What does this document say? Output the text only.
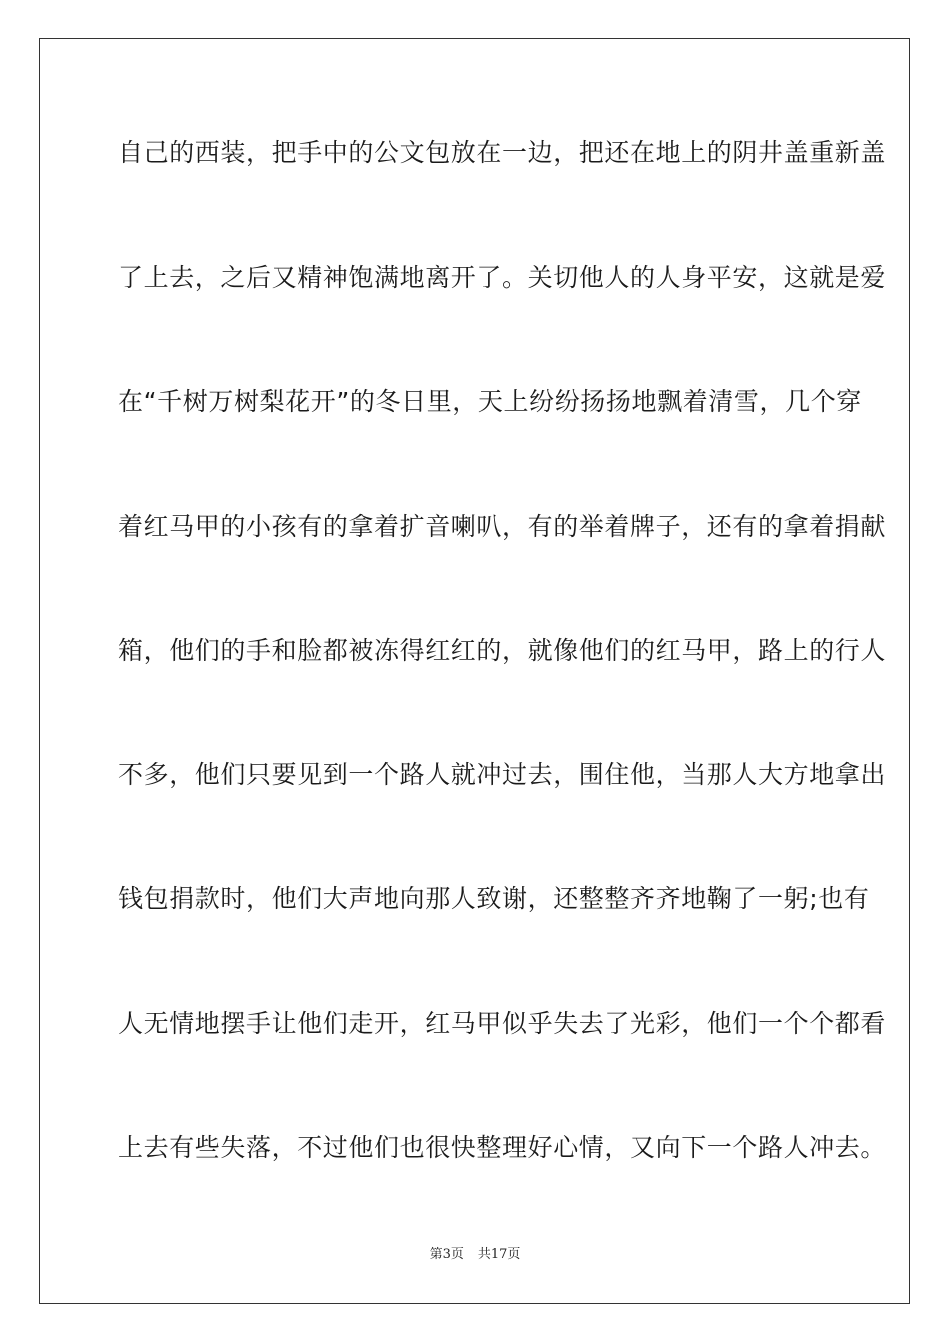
自己的西装，把手中的公文包放在一边，把还在地上的阴井盖重新盖
了上去，之后又精神饱满地离开了。关切他人的人身平安，这就是爱
在“千树万树梨花开”的冬日里，天上纷纷扬扬地飘着清雪，几个穿
着红马甲的小孩有的拿着扩音喇叭，有的举着牌子，还有的拿着捐献
箱，他们的手和脸都被冻得红红的，就像他们的红马甲，路上的行人
不多，他们只要见到一个路人就冲过去，围住他，当那人大方地拿出
钱包捐款时，他们大声地向那人致谢，还整整齐齐地鞠了一躬;也有
人无情地摆手让他们走开，红马甲似乎失去了光彩，他们一个个都看
上去有些失落，不过他们也很快整理好心情，又向下一个路人冲去。
第3页 共17页
